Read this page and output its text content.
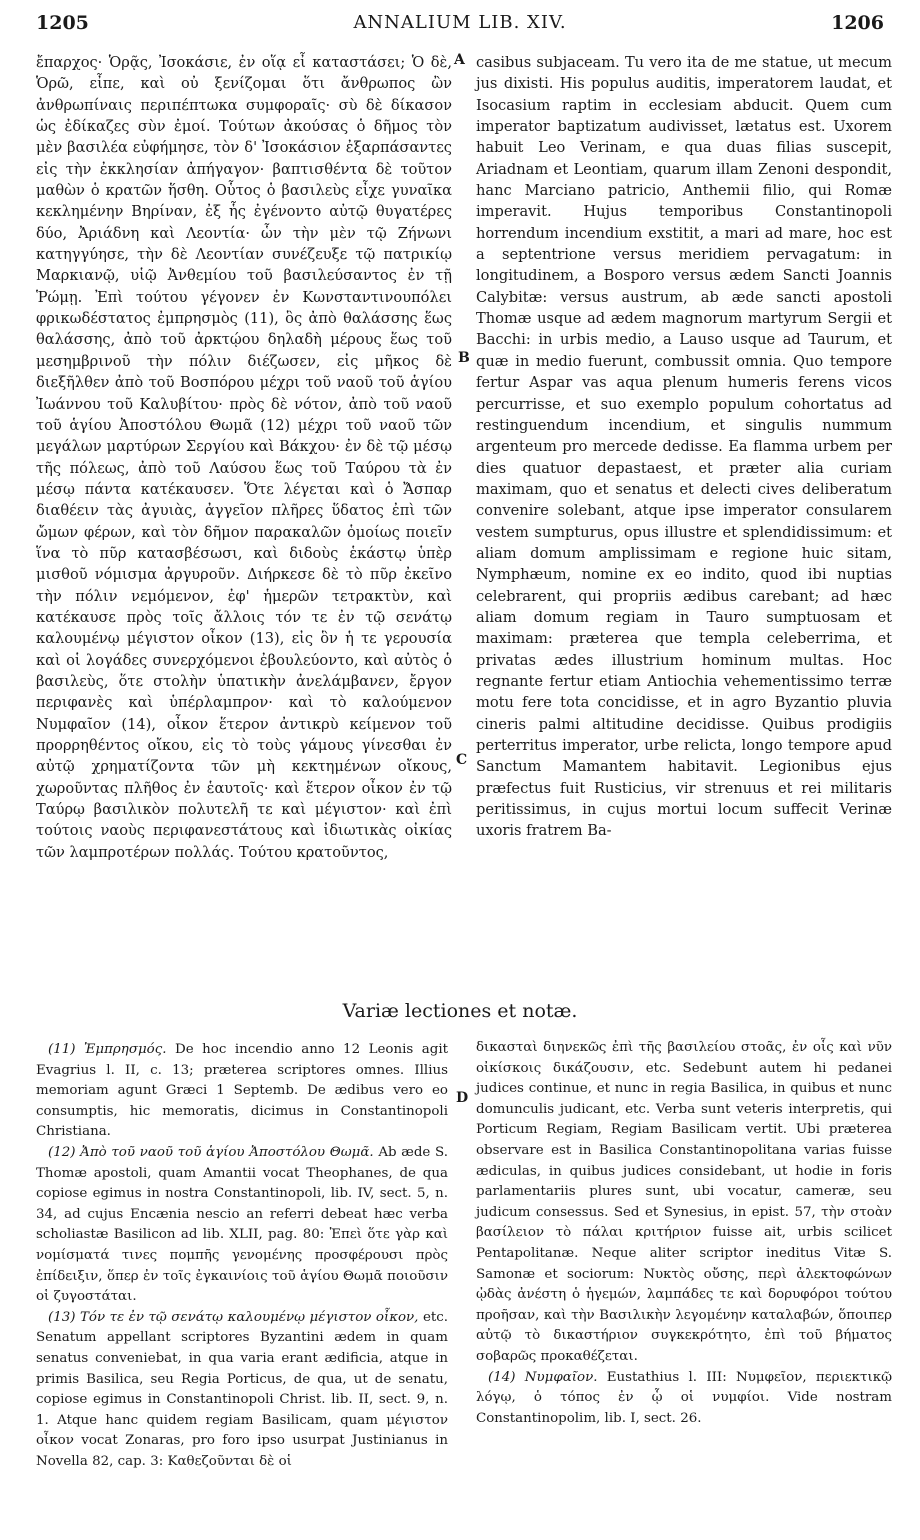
1205	ANNALIUM LIB. XIV.	1206

ἔπαρχος· Ὁρᾷς, Ἰσοκάσιε, ἐν οἵᾳ εἶ καταστάσει; Ὁ δὲ, Ὁρῶ, εἶπε, καὶ οὐ ξενίζομαι ὅτι ἄνθρωπος ὢν ἀνθρωπίναις περιπέπτωκα συμφοραῖς· σὺ δὲ δίκασον ὡς ἐδίκαζες σὺν ἐμοί. Τούτων ἀκούσας ὁ δῆμος τὸν μὲν βασιλέα εὐφήμησε, τὸν δ' Ἰσοκάσιον ἐξαρπάσαντες εἰς τὴν ἐκκλησίαν ἀπήγαγον· βαπτισθέντα δὲ τοῦτον μαθὼν ὁ κρατῶν ἥσθη. Οὗτος ὁ βασιλεὺς εἶχε γυναῖκα κεκλημένην Βηρίναν, ἐξ ἧς ἐγένοντο αὐτῷ θυγατέρες δύο, Ἀριάδνη καὶ Λεοντία· ὧν τὴν μὲν τῷ Ζήνωνι κατηγγύησε, τὴν δὲ Λεοντίαν συνέζευξε τῷ πατρικίῳ Μαρκιανῷ, υἱῷ Ἀνθεμίου τοῦ βασιλεύσαντος ἐν τῇ Ῥώμῃ. Ἐπὶ τούτου γέγονεν ἐν Κωνσταντινουπόλει φρικωδέστατος ἐμπρησμὸς (11), ὃς ἀπὸ θαλάσσης ἕως θαλάσσης, ἀπὸ τοῦ ἀρκτῴου δηλαδὴ μέρους ἕως τοῦ μεσημβρινοῦ τὴν πόλιν διέζωσεν, εἰς μῆκος δὲ διεξῆλθεν ἀπὸ τοῦ Βοσπόρου μέχρι τοῦ ναοῦ τοῦ ἁγίου Ἰωάννου τοῦ Καλυβίτου· πρὸς δὲ νότον, ἀπὸ τοῦ ναοῦ τοῦ ἁγίου Ἀποστόλου Θωμᾶ (12) μέχρι τοῦ ναοῦ τῶν μεγάλων μαρτύρων Σεργίου καὶ Βάκχου· ἐν δὲ τῷ μέσῳ τῆς πόλεως, ἀπὸ τοῦ Λαύσου ἕως τοῦ Ταύρου τὰ ἐν μέσῳ πάντα κατέκαυσεν. Ὅτε λέγεται καὶ ὁ Ἄσπαρ διαθέειν τὰς ἀγυιὰς, ἀγγεῖον πλῆρες ὕδατος ἐπὶ τῶν ὤμων φέρων, καὶ τὸν δῆμον παρακαλῶν ὁμοίως ποιεῖν ἵνα τὸ πῦρ κατασβέσωσι, καὶ διδοὺς ἑκάστῳ ὑπὲρ μισθοῦ νόμισμα ἀργυροῦν. Διήρκεσε δὲ τὸ πῦρ ἐκεῖνο τὴν πόλιν νεμόμενον, ἐφ' ἡμερῶν τετρακτὺν, καὶ κατέκαυσε πρὸς τοῖς ἄλλοις τόν τε ἐν τῷ σενάτῳ καλουμένῳ μέγιστον οἶκον (13), εἰς ὃν ἡ τε γερουσία καὶ οἱ λογάδες συνερχόμενοι ἐβουλεύοντο, καὶ αὐτὸς ὁ βασιλεὺς, ὅτε στολὴν ὑπατικὴν ἀνελάμβανεν, ἔργον περιφανὲς καὶ ὑπέρλαμπρον· καὶ τὸ καλούμενον Νυμφαῖον (14), οἶκον ἕτερον ἀντικρὺ κείμενον τοῦ προρρηθέντος οἴκου, εἰς τὸ τοὺς γάμους γίνεσθαι ἐν αὐτῷ χρηματίζοντα τῶν μὴ κεκτημένων οἴκους, χωροῦντας πλῆθος ἐν ἑαυτοῖς· καὶ ἕτερον οἶκον ἐν τῷ Ταύρῳ βασιλικὸν πολυτελῆ τε καὶ μέγιστον· καὶ ἐπὶ τούτοις ναοὺς περιφανεστάτους καὶ ἰδιωτικὰς οἰκίας τῶν λαμπροτέρων πολλάς. Τούτου κρατοῦντος,

A
B
C
D

casibus subjaceam. Tu vero ita de me statue, ut mecum jus dixisti. His populus auditis, imperatorem laudat, et Isocasium raptim in ecclesiam abducit. Quem cum imperator baptizatum audivisset, lætatus est. Uxorem habuit Leo Verinam, e qua duas filias suscepit, Ariadnam et Leontiam, quarum illam Zenoni despondit, hanc Marciano patricio, Anthemii filio, qui Romæ imperavit. Hujus temporibus Constantinopoli horrendum incendium exstitit, a mari ad mare, hoc est a septentrione versus meridiem pervagatum: in longitudinem, a Bosporo versus ædem Sancti Joannis Calybitæ: versus austrum, ab æde sancti apostoli Thomæ usque ad ædem magnorum martyrum Sergii et Bacchi: in urbis medio, a Lauso usque ad Taurum, et quæ in medio fuerunt, combussit omnia. Quo tempore fertur Aspar vas aqua plenum humeris ferens vicos percurrisse, et suo exemplo populum cohortatus ad restinguendum incendium, et singulis nummum argenteum pro mercede dedisse. Ea flamma urbem per dies quatuor depastaest, et præter alia curiam maximam, quo et senatus et delecti cives deliberatum convenire solebant, atque ipse imperator consularem vestem sumpturus, opus illustre et splendidissimum: et aliam domum amplissimam e regione huic sitam, Nymphæum, nomine ex eo indito, quod ibi nuptias celebrarent, qui propriis ædibus carebant; ad hæc aliam domum regiam in Tauro sumptuosam et maximam: præterea que templa celeberrima, et privatas ædes illustrium hominum multas. Hoc regnante fertur etiam Antiochia vehementissimo terræ motu fere tota concidisse, et in agro Byzantio pluvia cineris palmi altitudine decidisse. Quibus prodigiis perterritus imperator, urbe relicta, longo tempore apud Sanctum Mamantem habitavit. Legionibus ejus præfectus fuit Rusticius, vir strenuus et rei militaris peritissimus, in cujus mortui locum suffecit Verinæ uxoris fratrem Ba-

Variæ lectiones et notæ.

(11) Ἐμπρησμός. De hoc incendio anno 12 Leonis agit Evagrius l. II, c. 13; præterea scriptores omnes. Illius memoriam agunt Græci 1 Septemb. De ædibus vero eo consumptis, hic memoratis, dicimus in Constantinopoli Christiana.

(12) Ἀπὸ τοῦ ναοῦ τοῦ ἁγίου Ἀποστόλου Θωμᾶ. Ab æde S. Thomæ apostoli, quam Amantii vocat Theophanes, de qua copiose egimus in nostra Constantinopoli, lib. IV, sect. 5, n. 34, ad cujus Encænia nescio an referri debeat hæc verba scholiastæ Basilicon ad lib. XLII, pag. 80: Ἐπεὶ ὅτε γὰρ καὶ νομίσματά τινες πομπῆς γενομένης προσφέρουσι πρὸς ἐπίδειξιν, ὅπερ ἐν τοῖς ἐγκαινίοις τοῦ ἁγίου Θωμᾶ ποιοῦσιν οἱ ζυγοστάται.

(13) Τόν τε ἐν τῷ σενάτῳ καλουμένῳ μέγιστον οἶκον, etc. Senatum appellant scriptores Byzantini ædem in quam senatus conveniebat, in qua varia erant ædificia, atque in primis Basilica, seu Regia Porticus, de qua, ut de senatu, copiose egimus in Constantinopoli Christ. lib. II, sect. 9, n. 1. Atque hanc quidem regiam Basilicam, quam μέγιστον οἶκον vocat Zonaras, pro foro ipso usurpat Justinianus in Novella 82, cap. 3: Καθεζοῦνται δὲ οἱ

δικασταὶ διηνεκῶς ἐπὶ τῆς βασιλείου στοᾶς, ἐν οἷς καὶ νῦν οἰκίσκοις δικάζουσιν, etc. Sedebunt autem hi pedanei judices continue, et nunc in regia Basilica, in quibus et nunc domunculis judicant, etc. Verba sunt veteris interpretis, qui Porticum Regiam, Regiam Basilicam vertit. Ubi præterea observare est in Basilica Constantinopolitana varias fuisse ædiculas, in quibus judices considebant, ut hodie in foris parlamentariis plures sunt, ubi vocatur, cameræ, seu judicum consessus. Sed et Synesius, in epist. 57, τὴν στοὰν βασίλειον τὸ πάλαι κριτήριον fuisse ait, urbis scilicet Pentapolitanæ. Neque aliter scriptor ineditus Vitæ S. Samonæ et sociorum: Νυκτὸς οὔσης, περὶ ἀλεκτοφώνων ᾠδὰς ἀνέστη ὁ ἡγεμών, λαμπάδες τε καὶ δορυφόροι τούτου προῆσαν, καὶ τὴν Βασιλικὴν λεγομένην καταλαβών, ὅποιπερ αὐτῷ τὸ δικαστήριον συγκεκρότητο, ἐπὶ τοῦ βήματος σοβαρῶς προκαθέζεται.

(14) Νυμφαῖον. Eustathius l. III: Νυμφεῖον, περιεκτικῷ λόγῳ, ὁ τόπος ἐν ᾧ οἱ νυμφίοι. Vide nostram Constantinopolim, lib. I, sect. 26.
